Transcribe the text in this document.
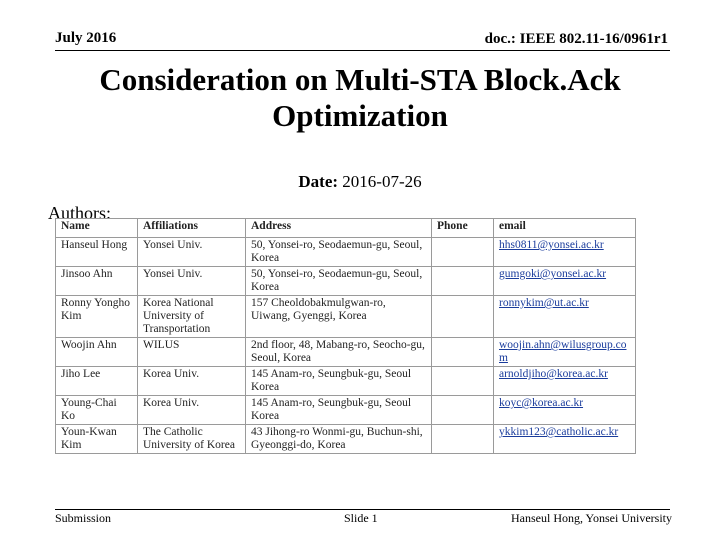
July 2016	doc.: IEEE 802.11-16/0961r1
Consideration on Multi-STA Block.Ack
Optimization
Date: 2016-07-26
Authors:
Name	Affiliations	Address	Phone	email
Hanseul Hong	Yonsei Univ.	50, Yonsei-ro, Seodaemun-gu, Seoul, Korea		hhs0811@yonsei.ac.kr
Jinsoo Ahn	Yonsei Univ.	50, Yonsei-ro, Seodaemun-gu, Seoul, Korea		gumgoki@yonsei.ac.kr
Ronny Yongho Kim	Korea National University of Transportation	157 Cheoldobakmulgwan-ro, Uiwang, Gyenggi, Korea		ronnykim@ut.ac.kr
Woojin Ahn	WILUS	2nd floor, 48, Mabang-ro, Seocho-gu, Seoul, Korea		woojin.ahn@wilusgroup.com
Jiho Lee	Korea Univ.	145 Anam-ro, Seungbuk-gu, Seoul Korea		arnoldjiho@korea.ac.kr
Young-Chai Ko	Korea Univ.	145 Anam-ro, Seungbuk-gu, Seoul Korea		koyc@korea.ac.kr
Youn-Kwan Kim	The Catholic University of Korea	43 Jihong-ro Wonmi-gu, Buchun-shi, Gyeonggi-do, Korea		ykkim123@catholic.ac.kr
Submission	Slide 1	Hanseul Hong, Yonsei University
